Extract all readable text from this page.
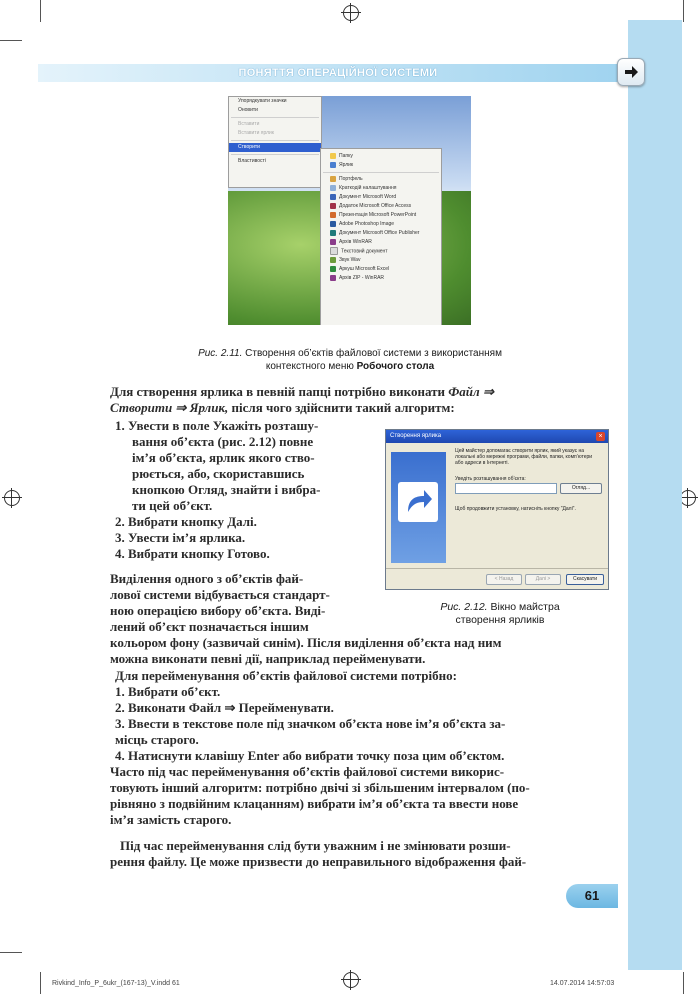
ПОНЯТТЯ ОПЕРАЦІЙНОЇ СИСТЕМИ
Упорядкувати значки
Оновити
Вставити
Вставити ярлик
Створити
Властивості
Папку
Ярлик
Портфель
Краткодій налаштування
Документ Microsoft Word
Додаток Microsoft Office Access
Презентація Microsoft PowerPoint
Adobe Photoshop Image
Документ Microsoft Office Publisher
Архів WinRAR
Текстовий документ
Звук Wav
Аркуш Microsoft Excel
Архів ZIP - WinRAR
Рис. 2.11. Створення об’єктів файлової системи з використанням
контекстного меню Робочого стола
Для створення ярлика в певній папці потрібно виконати Файл ⇒
Створити ⇒ Ярлик, після чого здійснити такий алгоритм:
1. Увести в поле Укажіть розташу-
вання об’єкта (рис. 2.12) повне
ім’я об’єкта, ярлик якого ство-
рюється, або, скориставшись
кнопкою Огляд, знайти і вибра-
ти цей об’єкт.
2. Вибрати кнопку Далі.
3. Увести ім’я ярлика.
4. Вибрати кнопку Готово.
Виділення одного з об’єктів фай-
лової системи відбувається стандарт-
ною операцією вибору об’єкта. Виді-
лений об’єкт позначається іншим
кольором фону (зазвичай синім). Після виділення об’єкта над ним
можна виконати певні дії, наприклад перейменувати.
Створення ярлика	×
Цей майстер допомагає створити ярлик, який указує на локальні або мережні програми, файли, папки, комп’ютери або адреси в Інтернеті.
Уведіть розташування об’єкта:
Огляд...
Щоб продовжити установку, натисніть кнопку "Далі".
< Назад	Далі >	Скасувати
Рис. 2.12. Вікно майстра
створення ярликів
Для перейменування об’єктів файлової системи потрібно:
1. Вибрати об’єкт.
2. Виконати Файл ⇒ Перейменувати.
3. Ввести в текстове поле під значком об’єкта нове ім’я об’єкта за-
місць старого.
4. Натиснути клавішу Enter або вибрати точку поза цим об’єктом.
Часто під час перейменування об’єктів файлової системи викорис-
товують інший алгоритм: потрібно двічі зі збільшеним інтервалом (по-
рівняно з подвійним клацанням) вибрати ім’я об’єкта та ввести нове
ім’я замість старого.
Під час перейменування слід бути уважним і не змінювати розши-
рення файлу. Це може призвести до неправильного відображення фай-
61
Rivkind_Info_P_6ukr_(167-13)_V.indd 61	14.07.2014 14:57:03
